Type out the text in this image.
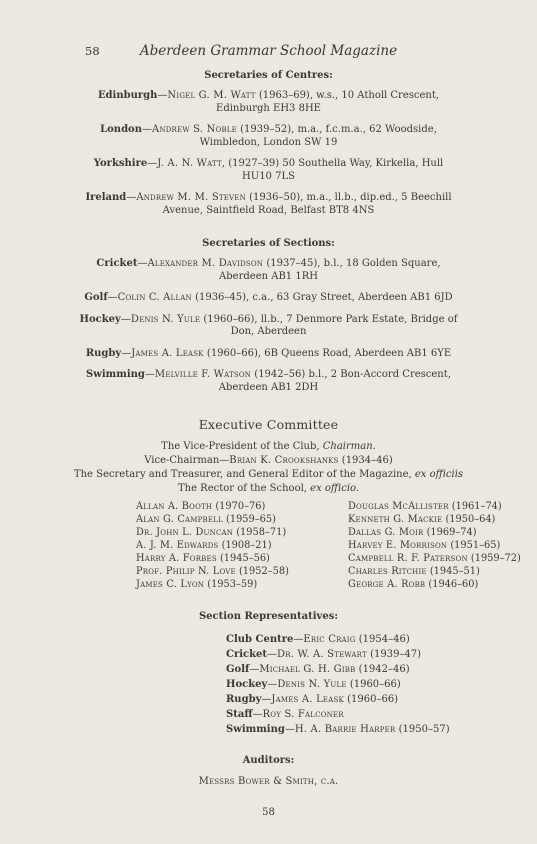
58	Aberdeen Grammar School Magazine

Secretaries of Centres:

Edinburgh—Nigel G. M. Watt (1963–69), w.s., 10 Atholl Crescent, Edinburgh EH3 8HE

London—Andrew S. Noble (1939–52), m.a., f.c.m.a., 62 Woodside, Wimbledon, London SW 19

Yorkshire—J. A. N. Watt, (1927–39) 50 Southella Way, Kirkella, Hull HU10 7LS

Ireland—Andrew M. M. Steven (1936–50), m.a., ll.b., dip.ed., 5 Beechill Avenue, Saintfield Road, Belfast BT8 4NS

Secretaries of Sections:

Cricket—Alexander M. Davidson (1937–45), b.l., 18 Golden Square, Aberdeen AB1 1RH

Golf—Colin C. Allan (1936–45), c.a., 63 Gray Street, Aberdeen AB1 6JD

Hockey—Denis N. Yule (1960–66), ll.b., 7 Denmore Park Estate, Bridge of Don, Aberdeen

Rugby—James A. Leask (1960–66), 6B Queens Road, Aberdeen AB1 6YE

Swimming—Melville F. Watson (1942–56) b.l., 2 Bon-Accord Crescent, Aberdeen AB1 2DH

Executive Committee

The Vice-President of the Club, Chairman.

Vice-Chairman—Brian K. Crookshanks (1934–46)

The Secretary and Treasurer, and General Editor of the Magazine, ex officiis

The Rector of the School, ex officio.

Allan A. Booth (1970–76)
Alan G. Campbell (1959–65)
Dr. John L. Duncan (1958–71)
A. J. M. Edwards (1908–21)
Harry A. Forbes (1945–56)
Prof. Philip N. Love (1952–58)
James C. Lyon (1953–59)
Douglas McAllister (1961–74)
Kenneth G. Mackie (1950–64)
Dallas G. Moir (1969–74)
Harvey E. Morrison (1951–65)
Campbell R. F. Paterson (1959–72)
Charles Ritchie (1945–51)
George A. Robb (1946–60)

Section Representatives:

Club Centre—Eric Craig (1954–46)
Cricket—Dr. W. A. Stewart (1939–47)
Golf—Michael G. H. Gibb (1942–46)
Hockey—Denis N. Yule (1960–66)
Rugby—James A. Leask (1960–66)
Staff—Roy S. Falconer
Swimming—H. A. Barrie Harper (1950–57)

Auditors:

Messrs Bower & Smith, c.a.

58
